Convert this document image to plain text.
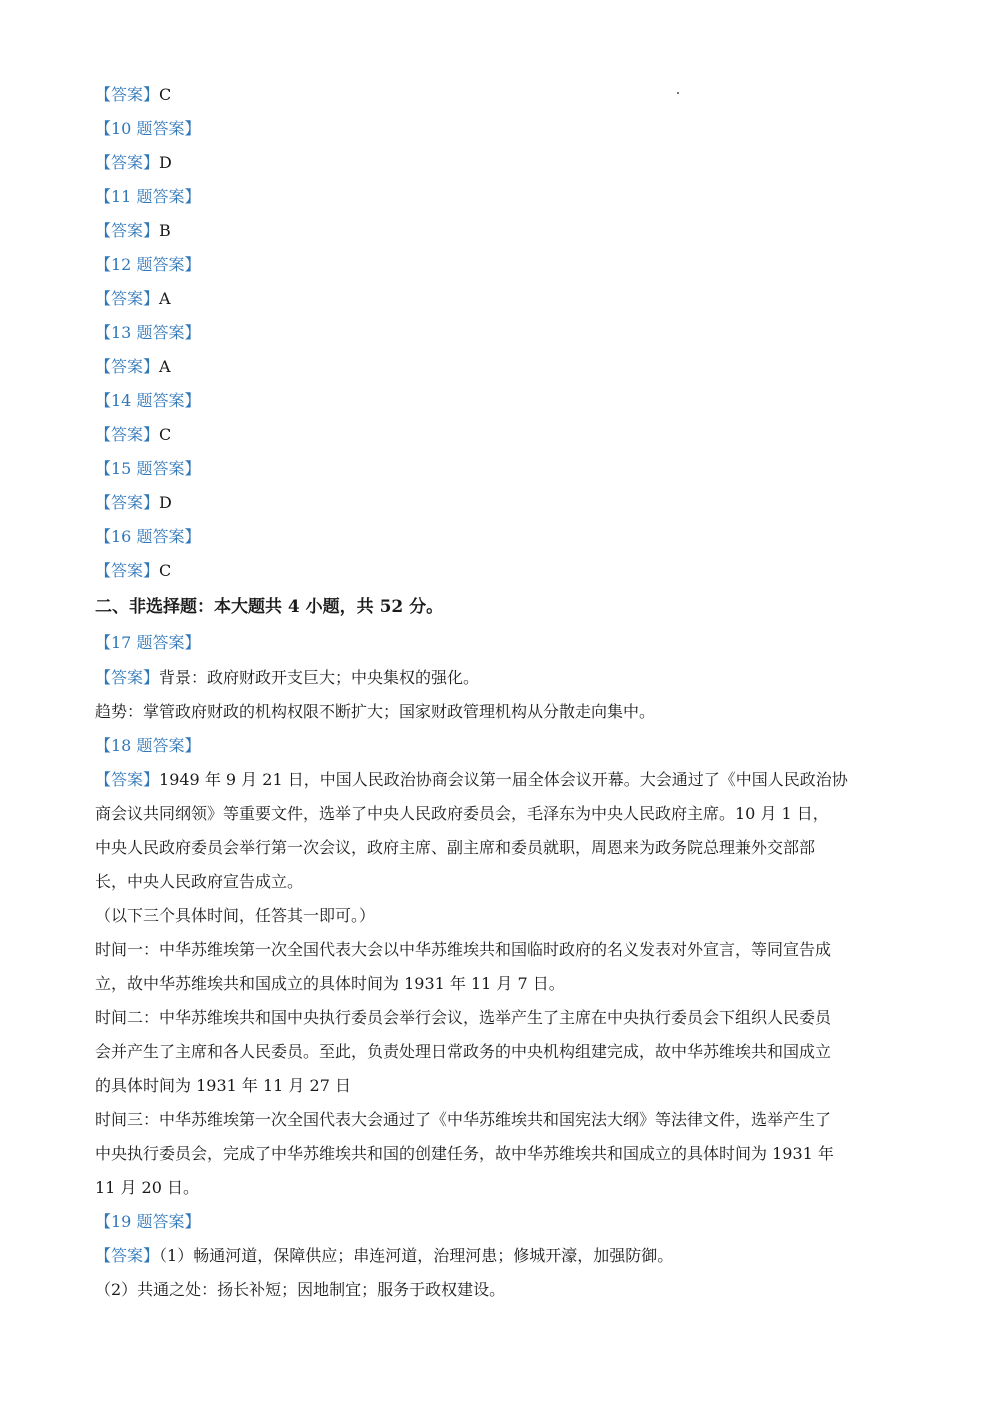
【答案】C
【10 题答案】
【答案】D
【11 题答案】
【答案】B
【12 题答案】
【答案】A
【13 题答案】
【答案】A
【14 题答案】
【答案】C
【15 题答案】
【答案】D
【16 题答案】
【答案】C
二、非选择题：本大题共 4 小题，共 52 分。
【17 题答案】
【答案】背景：政府财政开支巨大；中央集权的强化。
趋势：掌管政府财政的机构权限不断扩大；国家财政管理机构从分散走向集中。
【18 题答案】
【答案】1949 年 9 月 21 日，中国人民政治协商会议第一届全体会议开幕。大会通过了《中国人民政治协
商会议共同纲领》等重要文件，选举了中央人民政府委员会，毛泽东为中央人民政府主席。10 月 1 日，
中央人民政府委员会举行第一次会议，政府主席、副主席和委员就职，周恩来为政务院总理兼外交部部
长，中央人民政府宣告成立。
（以下三个具体时间，任答其一即可。）
时间一：中华苏维埃第一次全国代表大会以中华苏维埃共和国临时政府的名义发表对外宣言，等同宣告成
立，故中华苏维埃共和国成立的具体时间为 1931 年 11 月 7 日。
时间二：中华苏维埃共和国中央执行委员会举行会议，选举产生了主席在中央执行委员会下组织人民委员
会并产生了主席和各人民委员。至此，负责处理日常政务的中央机构组建完成，故中华苏维埃共和国成立
的具体时间为 1931 年 11 月 27 日
时间三：中华苏维埃第一次全国代表大会通过了《中华苏维埃共和国宪法大纲》等法律文件，选举产生了
中央执行委员会，完成了中华苏维埃共和国的创建任务，故中华苏维埃共和国成立的具体时间为 1931 年
11 月 20 日。
【19 题答案】
【答案】（1）畅通河道，保障供应；串连河道，治理河患；修城开濠，加强防御。
（2）共通之处：扬长补短；因地制宜；服务于政权建设。
